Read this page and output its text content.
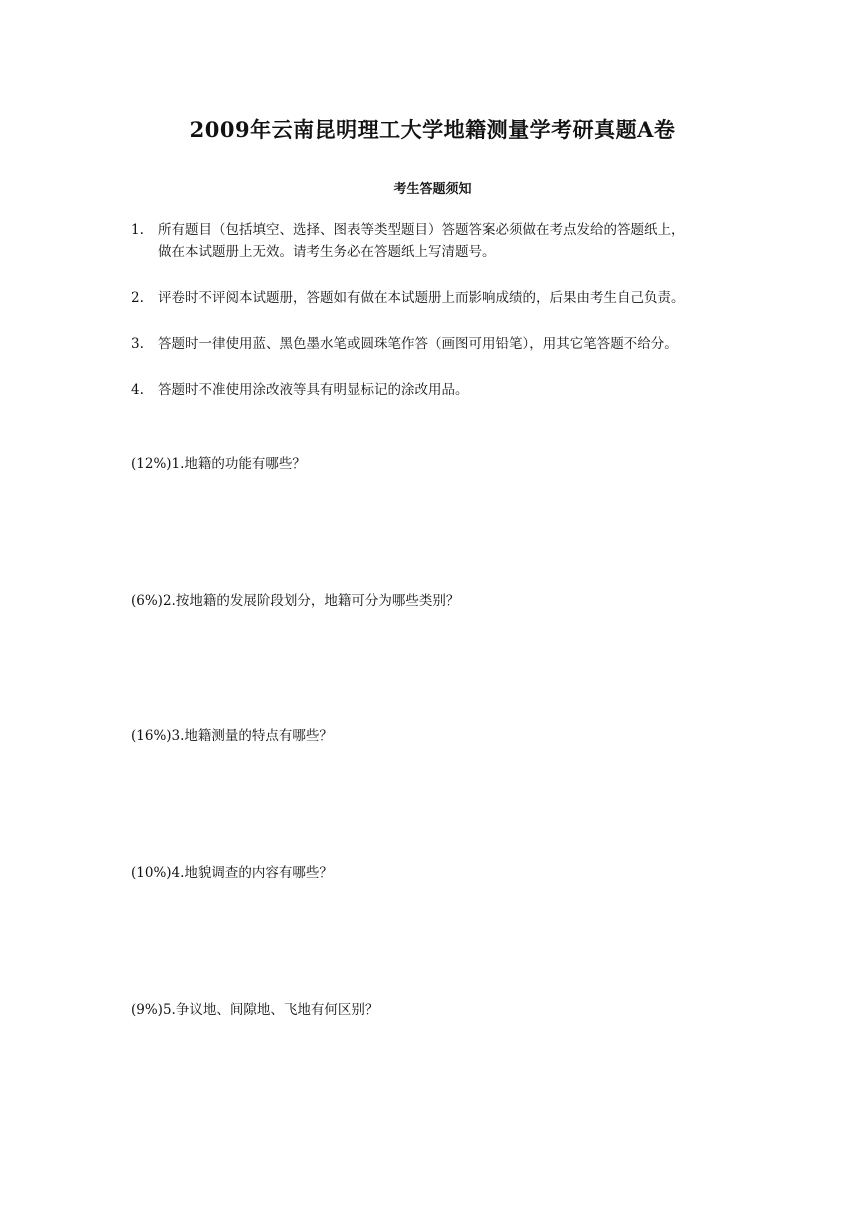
2009年云南昆明理工大学地籍测量学考研真题A卷
考生答题须知
1.	所有题目（包括填空、选择、图表等类型题目）答题答案必须做在考点发给的答题纸上，
做在本试题册上无效。请考生务必在答题纸上写清题号。
2.	评卷时不评阅本试题册，答题如有做在本试题册上而影响成绩的，后果由考生自己负责。
3.	答题时一律使用蓝、黑色墨水笔或圆珠笔作答（画图可用铅笔），用其它笔答题不给分。
4.	答题时不准使用涂改液等具有明显标记的涂改用品。
(12%)1.地籍的功能有哪些？
(6%)2.按地籍的发展阶段划分，地籍可分为哪些类别？
(16%)3.地籍测量的特点有哪些？
(10%)4.地貌调查的内容有哪些？
(9%)5.争议地、间隙地、飞地有何区别？
